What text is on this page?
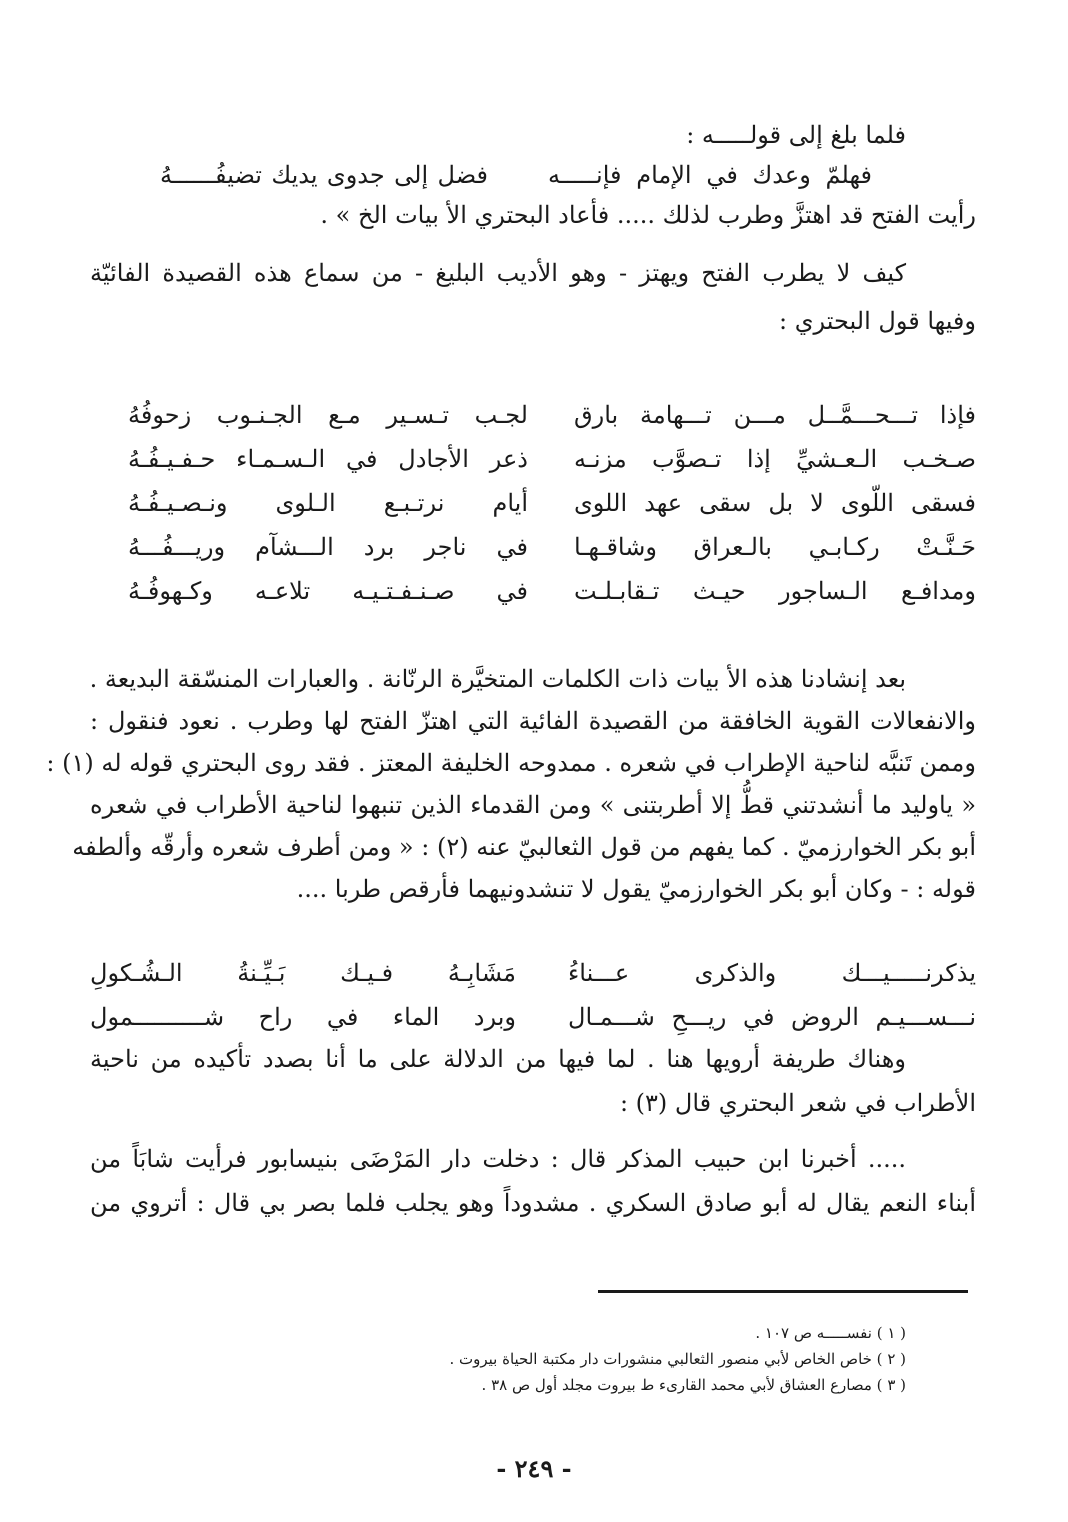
فلما بلغ إلى قولـــــه :
فهلمّ وعدك في الإمام فإنـــــه
فضل إلى جدوى يديك تضيفُــــــهُ
رأيت الفتح قد اهتزَّ وطرب لذلك ..... فأعاد البحتري الأ بيات الخ » .
كيف لا يطرب الفتح ويهتز - وهو الأديب البليغ - من سماع هذه القصيدة الفائيّة
وفيها قول البحتري :
فإذا تـــحـــمَّــل مـــن تـــهامة بارق
لجـب تـسـير مـع الجـنـوب زحوفُهُ
صـخـب الـعـشيِّ إذا تـصوَّب مزنـه
ذعر الأجادل في الـسـمـاء حـفـيـفُـهُ
فسقى اللّوى لا بل سقى عهد اللوى
أيام نرتـبـع الـلوى ونـصـيـفُـهُ
حَـنَّـتْ ركـابـي بالـعراق وشاقـهـا
في ناجر برد الـــشآم وريـــفُـــهُ
ومدافـع الـساجور حيـث تـقابـلـت
في صـنـفـتـيـه تلاعـه وكـهوفُـهُ
بعد إنشادنا هذه الأ بيات ذات الكلمات المتخيَّرة الرنّانة . والعبارات المنسّقة البديعة .
والانفعالات القوية الخافقة من القصيدة الفائية التي اهتزّ الفتح لها وطرب . نعود فنقول :
وممن تَنبَّه لناحية الإطراب في شعره . ممدوحه الخليفة المعتز . فقد روى البحتري قوله له (١) :
« ياوليد ما أنشدتني قطُّ إلا أطربتنى » ومن القدماء الذين تنبهوا لناحية الأطراب في شعره
أبو بكر الخوارزميّ . كما يفهم من قول الثعالبيّ عنه (٢) : « ومن أطرف شعره وأرقّه وألطفه
قوله : - وكان أبو بكر الخوارزميّ يقول لا تنشدونيهما فأرقص طربا ....
يذكرنـــــيـــك والذكرى عـــناءُ
مَشَابِـهُ فـيـك بَـيِّـنةُ الـشُـكولِ
نـــســـيـم الروض في ريـــحِ شـــمـال
وبرد الماء في راح شــــــــــمول
وهناك طريفة أرويها هنا . لما فيها من الدلالة على ما أنا بصدد تأكيده من ناحية
الأطراب في شعر البحتري قال (٣) :
..... أخبرنا ابن حبيب المذكر قال : دخلت دار المَرْضَى بنيسابور فرأيت شابَاً من
أبناء النعم يقال له أبو صادق السكري . مشدوداً وهو يجلب فلما بصر بي قال : أتروي من
( ١ ) نفســـــه ص ١٠٧ .
( ٢ ) خاص الخاص لأبي منصور الثعالبي منشورات دار مكتبة الحياة بيروت .
( ٣ ) مصارع العشاق لأبي محمد القارىء ط بيروت مجلد أول ص ٣٨ .
- ٢٤٩ -
